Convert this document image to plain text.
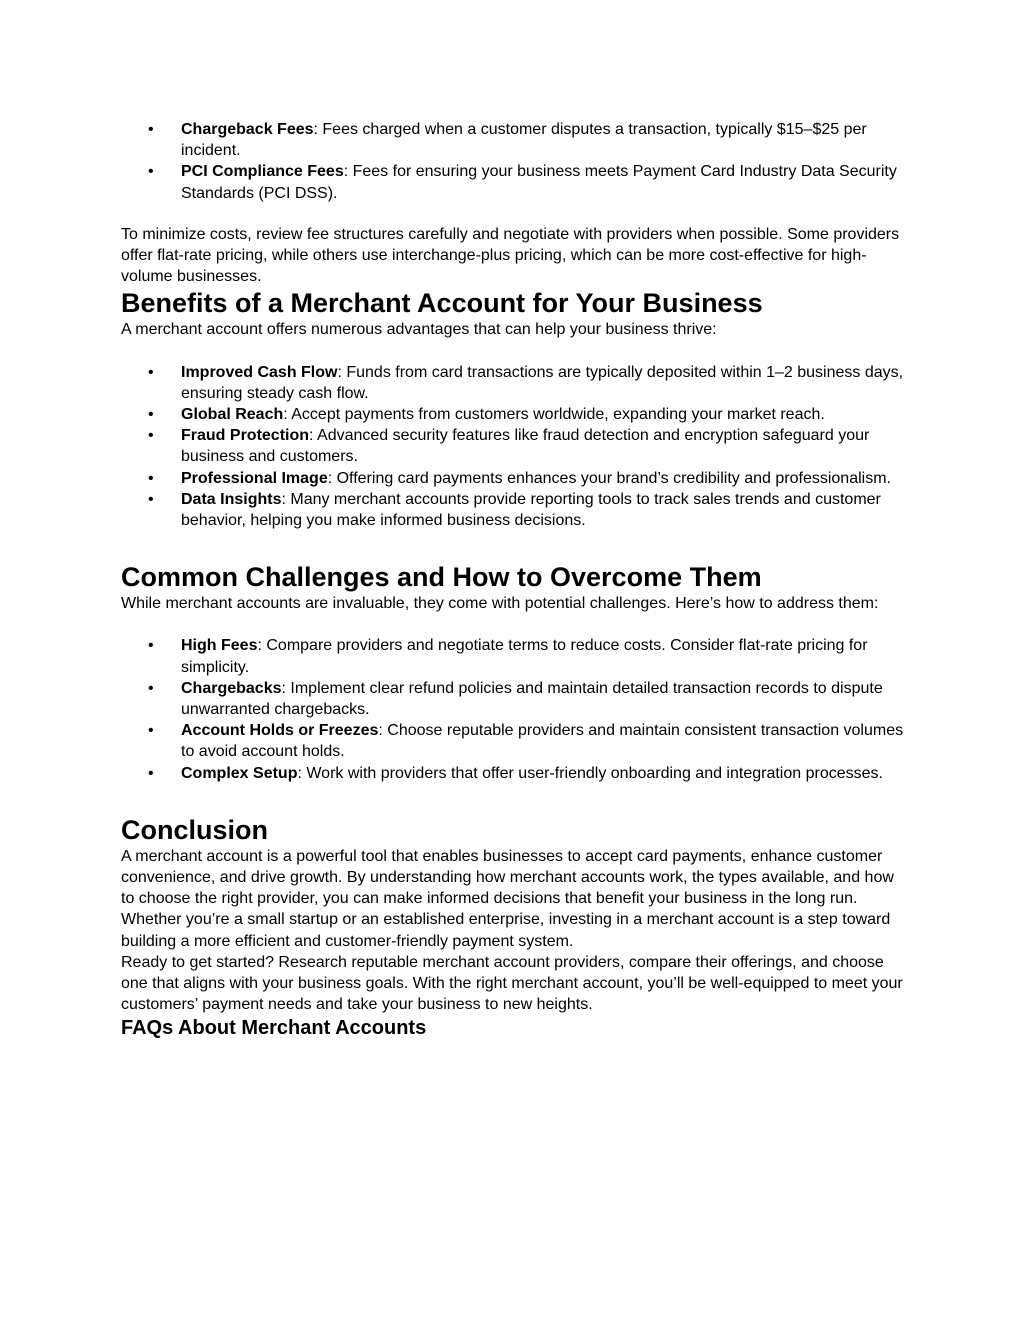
• Chargeback Fees: Fees charged when a customer disputes a transaction, typically $15–$25 per incident.
• PCI Compliance Fees: Fees for ensuring your business meets Payment Card Industry Data Security Standards (PCI DSS).

To minimize costs, review fee structures carefully and negotiate with providers when possible. Some providers offer flat-rate pricing, while others use interchange-plus pricing, which can be more cost-effective for high-volume businesses.

Benefits of a Merchant Account for Your Business

A merchant account offers numerous advantages that can help your business thrive:

• Improved Cash Flow: Funds from card transactions are typically deposited within 1–2 business days, ensuring steady cash flow.
• Global Reach: Accept payments from customers worldwide, expanding your market reach.
• Fraud Protection: Advanced security features like fraud detection and encryption safeguard your business and customers.
• Professional Image: Offering card payments enhances your brand’s credibility and professionalism.
• Data Insights: Many merchant accounts provide reporting tools to track sales trends and customer behavior, helping you make informed business decisions.
Common Challenges and How to Overcome Them

While merchant accounts are invaluable, they come with potential challenges. Here’s how to address them:

• High Fees: Compare providers and negotiate terms to reduce costs. Consider flat-rate pricing for simplicity.
• Chargebacks: Implement clear refund policies and maintain detailed transaction records to dispute unwarranted chargebacks.
• Account Holds or Freezes: Choose reputable providers and maintain consistent transaction volumes to avoid account holds.
• Complex Setup: Work with providers that offer user-friendly onboarding and integration processes.
Conclusion

A merchant account is a powerful tool that enables businesses to accept card payments, enhance customer convenience, and drive growth. By understanding how merchant accounts work, the types available, and how to choose the right provider, you can make informed decisions that benefit your business in the long run. Whether you’re a small startup or an established enterprise, investing in a merchant account is a step toward building a more efficient and customer-friendly payment system.

Ready to get started? Research reputable merchant account providers, compare their offerings, and choose one that aligns with your business goals. With the right merchant account, you’ll be well-equipped to meet your customers’ payment needs and take your business to new heights.

FAQs About Merchant Accounts
